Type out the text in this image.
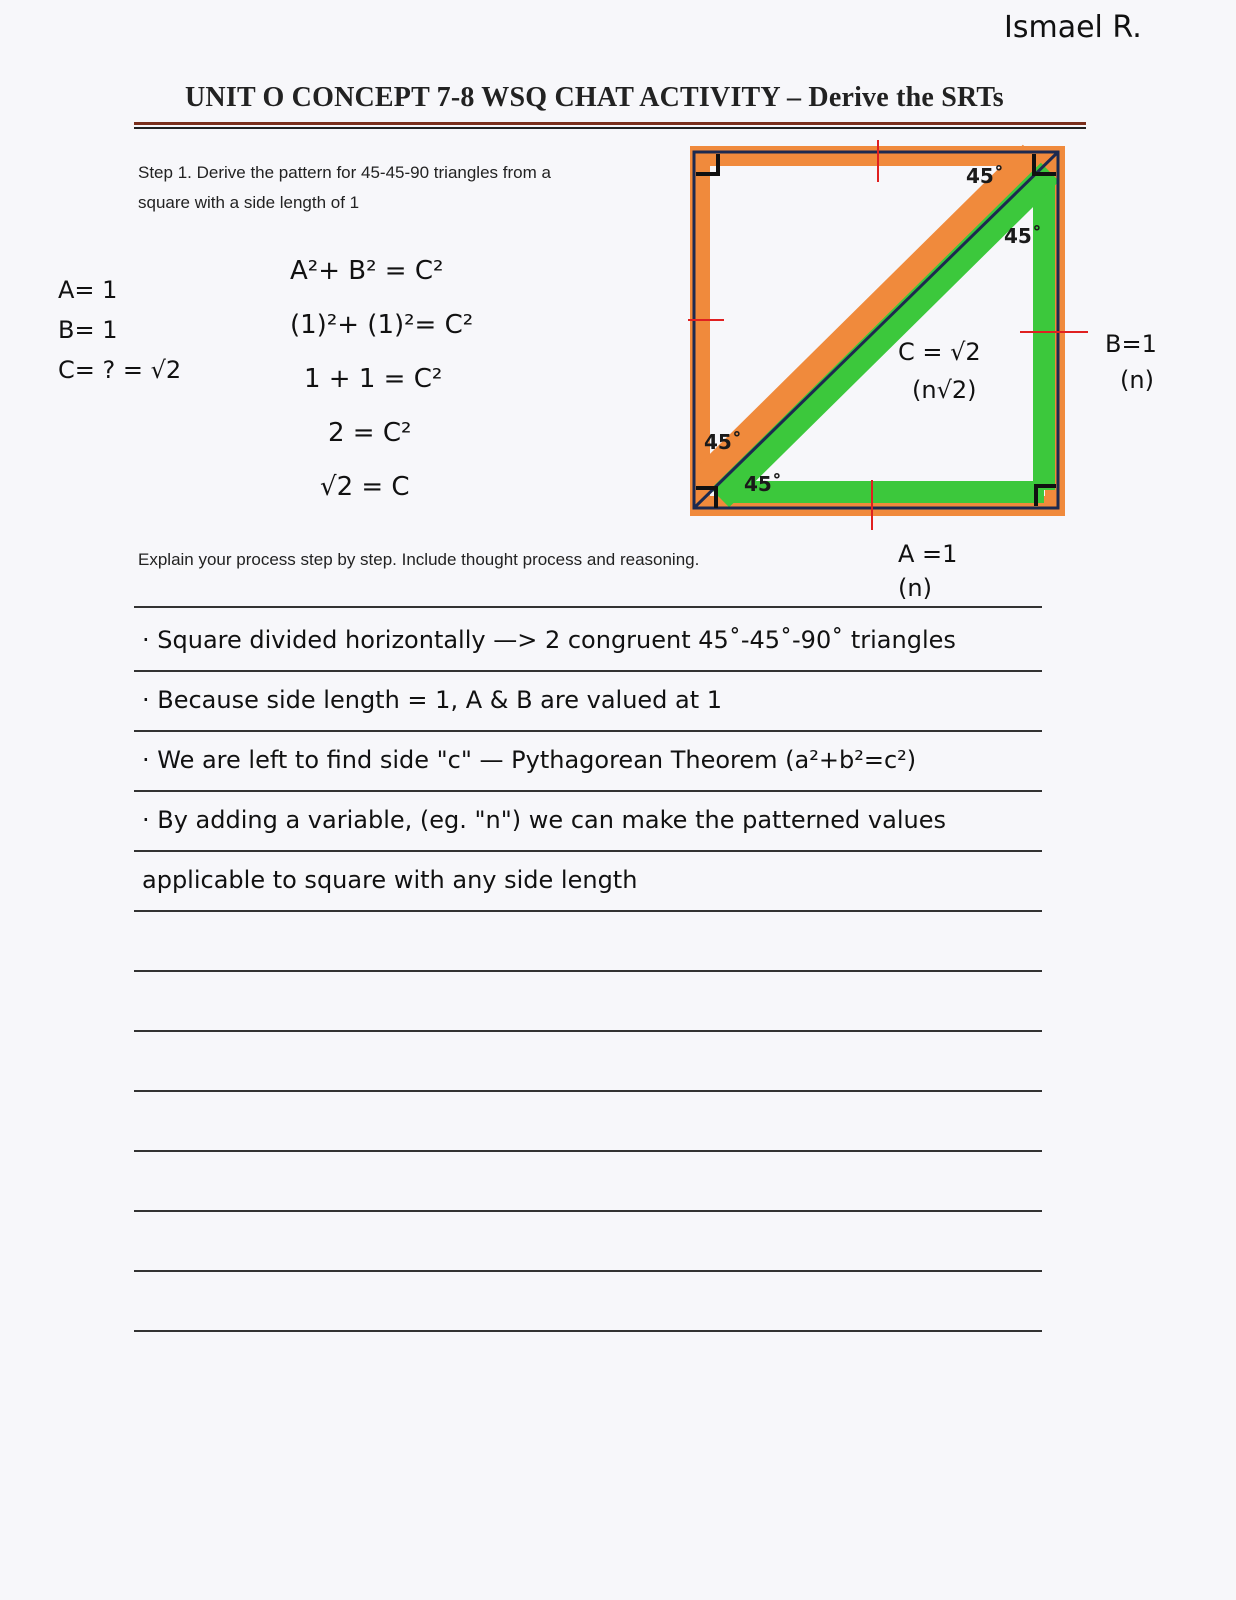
Ismael R.
UNIT O CONCEPT 7-8 WSQ CHAT ACTIVITY – Derive the SRTs
Step 1. Derive the pattern for 45-45-90 triangles from a
square with a side length of 1
A= 1
B= 1
C= ? = √2
A²+ B² = C²
(1)²+ (1)²= C²
1 + 1 = C²
2 = C²
√2 = C
45˚
45˚
45˚
45˚
C = √2
(n√2)
B=1
(n)
A =1
(n)
Explain your process step by step. Include thought process and reasoning.
· Square divided horizontally —> 2 congruent 45˚-45˚-90˚ triangles
· Because side length = 1, A & B are valued at 1
· We are left to find side "c" — Pythagorean Theorem (a²+b²=c²)
· By adding a variable, (eg. "n") we can make the patterned values
applicable to square with any side length
